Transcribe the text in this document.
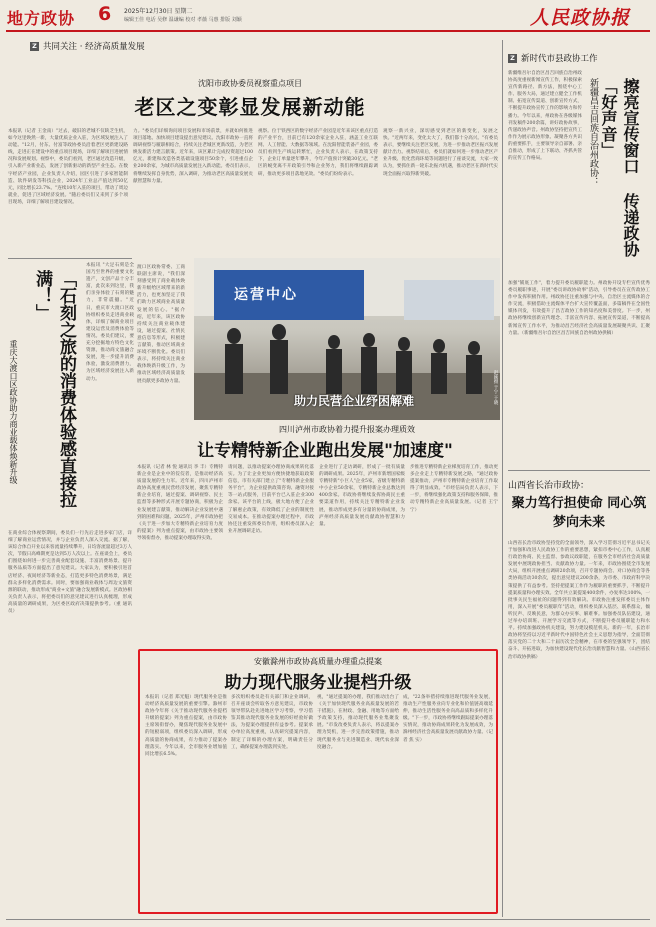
地方政协 6 2025年12月30日 星期二
编辑王佳 电话 吴修 温谦编 校对 孝薇 马惠 排版 刘颖	人民政协报
Z 共同关注 · 经济高质量发展
Z 新时代市县政协工作
沈阳市政协委员视察重点项目
老区之变彰显发展新动能
本报讯（记者 王金南）"过去，破旧的老城不仅缺乏生机，如今这里焕然一新，大量优质企业入驻，为区域发展注入了动能。"12月，付东、付富等政协委员沿着老区更新建设路线，走进正在建设中的重点项目现场，详细了解项目进展情况和发展规划。视察中，委员们看到，老区通过改造升级，引入新产业新业态，发展了创新驱动的新型产业生态。在数字经济产业园，企业负责人介绍，园区引进了多家智能制造、软件研发等科技企业，2024年工业总产值达到50亿元，同比增长23.7%。"连续10年入驻的项目，带动了周边就业，促进了区域经济发展。"随后委员们又来到了多个项目现场，详细了解项目建设情况。
力。"委员们详细询问项目发展和市场前景，并就如何推进项目落地、加快项目建设提出意见建议。沈阳市政协一直将调研视察与履职相结合，持续关注老城区更新改造，为老区焕发新活力建言献策。近年来，该区累计完成投资超过100亿元，新建和改造各类基础设施项目50余个，引进重点企业200余家，为城市高质量发展注入新动能。委员们表示，将继续发挥自身优势，深入调研，为推动老区高质量发展贡献智慧和力量。
视察。位于铁西区的数字经济产业园是近年来该区重点打造的产业平台，目前已有120余家企业入驻，涵盖工业互联网、人工智能、大数据等领域。在沈阳智能装备产业园，委员们看到生产线运转繁忙，企业负责人表示，在政策支持下，企业订单量逐年攀升，今年产值预计突破30亿元。"老区的蜕变离不开政策引导和企业努力，我们将继续跟踪调研，推动更多项目落地见效。"委员们纷纷表示。
观察一新兴业，深切感受到老区的新变化，发展之快。"近两年来，变化太大了，我们都十分高兴。"有委员表示，要继续关注老区发展，为进一步推动老区振兴发展献计出力。视察结束后，委员们就如何进一步推动老区产业升级、优化营商环境等问题进行了座谈交流，大家一致认为，要抓住新一轮东北振兴机遇，推动老区在新时代实现全面振兴取得新突破。
「石刻之旅的消费体验感直接拉满！」
重庆大渡口区政协助力商业载体焕新升级
本报讯 "大足石刻是全国乃至世界的重要文化遗产，文创产品十分丰富，此次来到这里，我们亲身体验了石刻的魅力，非常震撼。"近日，重庆市大渡口区政协组织委员走进商业载体，详细了解商业项目建设运营及消费体验等情况。委员们建议，要充分挖掘地方特色文化资源，推动商文旅融合发展，进一步提升消费体验，激发消费潜力，为区域经济发展注入新动力。
渡口区政协常委、工商联副主席说，"我们深刻感受到了商业载体焕新升级给区域带来的新活力，也更加坚定了我们助力区域商业高质量发展的信心。"据介绍，近年来，该区政协持续关注商业载体建设，通过提案、社情民意信息等形式，积极建言献策，推动区域商业环境不断优化。委员们表示，将持续关注商业载体焕新升级工作，为推动区域经济高质量发展贡献更多政协力量。
在商业综合体视察期间，委员们一行先后走进多家门店，详细了解商业运营情况，并与企业负责人深入交流。据了解，该综合体自开业以来客流量持续攀升，日均客流量超过3万人次，节假日高峰期更是达到5万人次以上。在座谈会上，委员们围绕如何进一步完善商业配套设施、丰富消费场景、提升服务品质等方面提出了意见建议。大家认为，要积极引进首店经济、夜间经济等新业态，打造更多特色消费场景，满足群众多样化消费需求。同时，要加强商业载体与周边文旅资源的联动，推动形成"商业+文旅"融合发展新模式。区政协相关负责人表示，将把委员们的意见建议进行认真梳理，形成高质量的调研成果，为区委区政府决策提供参考。（重 通讯员）
运营中心
助力民营企业纾困解难	赵颖摄 于宁 于晓
四川泸州市政协着力提升报案办理质效
让专精特新企业跑出发展"加速度"
本报讯（记者 林 悦 通讯员 李 丰）专精特新企业是企业中的佼佼者，是推动经济高质量发展的生力军。近年来，四川泸州市政协高度重视民营经济发展，聚焦专精特新企业培育，通过提案、调研视察、民主监督等多种形式开展专题协商，积极为企业发展建言献策，推动解决企业发展中遇到的困难和问题。2025年，泸州市政协把《关于进一步加大专精特新企业培育力度的提案》列为重点提案，由市政协主要领导领衔督办，推动提案办理取得实效。
请问题，以推动提案办理协商成果转化落实。为了让企业更加方便快捷地获取政策信息，市有关部门建立了"专精特新企业服务平台"，为企业提供政策咨询、融资对接等一站式服务，目前平台已入驻企业300余家。该平台的上线，极大地方便了企业了解惠企政策，有效降低了企业的制度性交易成本。在推动提案办理过程中，市政协还注重发挥委员作用，组织委员深入企业开展调研走访。
企业进行了走访调研，形成了一批有质量的调研成果。2025年，泸州市新增国家级专精特新"小巨人"企业5家，省级专精特新中小企业50余家，专精特新企业总数达到400余家。市政协将继续发挥协商民主重要渠道作用，持续关注专精特新企业发展，推动形成更多有分量的协商成果，为泸州经济高质量发展贡献政协智慧和力量。
步推进专精特新企业梯度培育工作，推动更多企业走上专精特新发展之路，"通过政协提案推动，泸州市专精特新企业培育工作取得了明显成效。"市经信局负责人表示，下一步，将继续强化政策支持和服务保障，推动专精特新企业高质量发展。（记者 王宁宁）
安徽滁州市政协高质量办理重点提案
助力现代服务业提档升级
本报讯（记者 郑光魁）现代服务业是推动经济高质量发展的重要引擎。滁州市政协今年将《关于推动现代服务业提档升级的提案》列为重点提案，由市政协主席领衔督办，聚焦现代服务业发展中的短板弱项，组织委员深入调研，形成高质量的协商成果，有力推动了提案办理落实。今年以来，全市服务业增加值同比增长6.5%。
多次组织委员赴有关部门和企业调研，召开座谈会听取各方意见建议，市政协领导带队赴先进地区学习考察，学习借鉴其推动现代服务业发展的好经验好做法，为提案办理提供有益参考。提案承办单位高度重视，认真研究提案内容，制定了详细的办理方案，明确责任分工，确保提案办理落到实处。
视，"通过提案的办理，我们推动出台了《关于加快现代服务业高质量发展的若干措施》，在财政、金融、用地等方面给予政策支持，推动现代服务业集聚发展。"市发改委负责人表示，将以提案办理为契机，进一步完善政策措施，推动现代服务业与先进制造业、现代农业深度融合。
成，"22条举措持续推进现代服务业发展，推动生产性服务业向专业化和价值链高端延伸，推动生活性服务业向高品质和多样化升级。"下一步，市政协将继续跟踪提案办理落实情况，推动协商成果转化为发展成效，为滁州经济社会高质量发展贡献政协力量。（记者 焦 实）
新疆昌吉回族自治州政协：	擦亮宣传窗口 传递政协「好声音」
新疆维吾尔自治区昌吉回族自治州政协高度重视新闻宣传工作，积极探索宣传新路径、新方法，围绕中心工作、服务大局，通过建立健全工作机制、拓宽宣传渠道、创新宣传方式，不断提升政协宣传工作的影响力和传播力。今年以来，州政协在各级媒体刊发稿件200余篇，讲好政协故事，传递政协声音。州政协坚持把宣传工作作为展示政协形象、凝聚各方共识的重要抓手，主要领导亲自部署、亲自推动，形成了上下联动、齐抓共管的宣传工作格局。
加强"铺底工作"，着力提升委员履职能力。州政协开设专栏宣传优秀委员履职事迹，开展"委员讲政协故事"活动，引导委员在宣传政协工作中发挥积极作用。州政协还注重加强与中央、自治区主流媒体的合作交流，积极借助主流媒体平台扩大宣传覆盖面，多篇稿件在全国性媒体刊发，有效提升了昌吉政协工作的知名度和美誉度。下一步，州政协将继续创新宣传理念、丰富宣传内容、拓展宣传渠道，不断提高新闻宣传工作水平，为推动昌吉经济社会高质量发展凝聚共识、汇聚力量。（新疆维吾尔自治区昌吉回族自治州政协供稿）
山西省长治市政协：
聚力笃行担使命 同心筑梦向未来
山西省长治市政协坚持党的全面领导，深入学习贯彻习近平总书记关于加强和改进人民政协工作的重要思想，紧扣市委中心工作，认真履行政治协商、民主监督、参政议政职能，在服务全市经济社会高质量发展中展现政协担当、贡献政协力量。一年来，市政协围绕全市发展大局，组织开展重点调研20余项，召开专题协商会、对口协商会等各类协商活动30余次，提出意见建议200余条，为市委、市政府科学决策提供了有益参考。坚持把提案工作作为履职的重要抓手，不断提升提案质量和办理实效。全年共立案提案400余件，办复率达100%，一批事关民生福祉的问题得到有效解决。市政协注重发挥委员主体作用，深入开展"委员履职年"活动，组织委员深入基层、联系群众，倾听民声、反映民意，为群众办实事、解难事。加强委员队伍建设，通过举办培训班、开展学习交流等方式，不断提升委员履职能力和水平。持续加强政协机关建设，努力建设模范机关。新的一年，长治市政协将坚持以习近平新时代中国特色社会主义思想为指导，全面贯彻落实党的二十大和二十届历次全会精神，在市委的坚强领导下，团结奋斗、开拓进取，为加快建设现代化长治贡献智慧和力量。（山西省长治市政协供稿）
